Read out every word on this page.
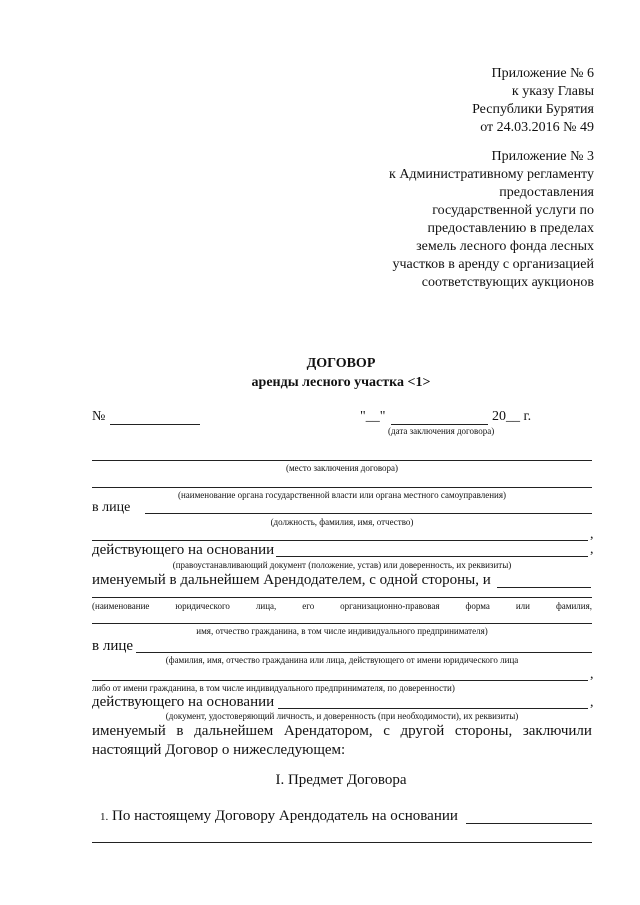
Приложение № 6
к указу Главы
Республики Бурятия
от 24.03.2016 № 49
Приложение № 3
к Административному регламенту
предоставления
государственной услуги по
предоставлению в пределах
земель лесного фонда лесных
участков в аренду с организацией
соответствующих аукционов
ДОГОВОР
аренды лесного участка <1>
№	"__"	20__ г.
(дата заключения договора)
(место заключения договора)
(наименование органа государственной власти или органа местного самоуправления)
в лице
(должность, фамилия, имя, отчество)
,
действующего на основании	,
(правоустанавливающий документ (положение, устав) или доверенность, их реквизиты)
именуемый в дальнейшем Арендодателем, с одной стороны, и
(наименование	юридического	лица,	его	организационно-правовая	форма	или	фамилия,
имя, отчество гражданина, в том числе индивидуального предпринимателя)
в лице
(фамилия, имя, отчество гражданина или лица, действующего от имени юридического лица
,
либо от имени гражданина, в том числе индивидуального предпринимателя, по доверенности)
действующего на основании	,
(документ, удостоверяющий личность, и доверенность (при необходимости), их реквизиты)
именуемый в дальнейшем Арендатором, с другой стороны, заключили
настоящий Договор о нижеследующем:
I. Предмет Договора
1. По настоящему Договору Арендодатель на основании
